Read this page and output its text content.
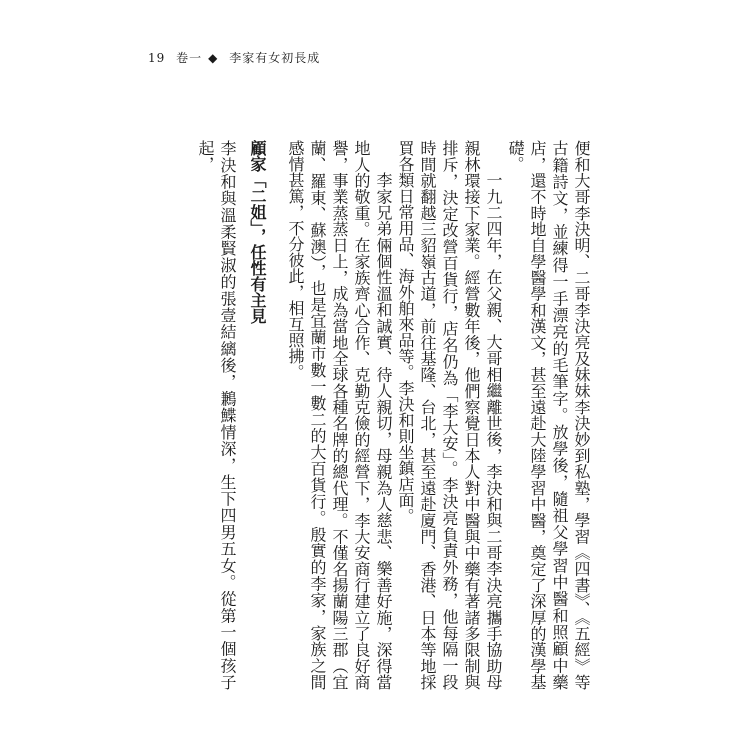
19 卷一 ◆ 李家有女初長成

便和大哥李決明、二哥李決亮及妹妹李決妙到私塾，學習《四書》、《五經》等古籍詩文，並練得一手漂亮的毛筆字。放學後，隨祖父學習中醫和照顧中藥店，還不時地自學醫學和漢文，甚至遠赴大陸學習中醫，奠定了深厚的漢學基礎。

一九二四年，在父親、大哥相繼離世後，李決和與二哥李決亮攜手協助母親林環接下家業。經營數年後，他們察覺日本人對中醫與中藥有著諸多限制與排斥，決定改營百貨行，店名仍為「李大安」。李決亮負責外務，他每隔一段時間就翻越三貂嶺古道，前往基隆、台北，甚至遠赴廈門、香港、日本等地採買各類日常用品、海外舶來品等。李決和則坐鎮店面。

李家兄弟倆個性溫和誠實、待人親切，母親為人慈悲、樂善好施，深得當地人的敬重。在家族齊心合作、克勤克儉的經營下，李大安商行建立了良好商譽，事業蒸蒸日上，成為當地全球各種名牌的總代理。不僅名揚蘭陽三郡（宜蘭、羅東、蘇澳），也是宜蘭市數一數二的大百貨行。殷實的李家，家族之間感情甚篤，不分彼此，相互照拂。

顧家「二姐」，任性有主見

李決和與溫柔賢淑的張壹結縭後，鶼鰈情深，生下四男五女。從第一個孩子起，
